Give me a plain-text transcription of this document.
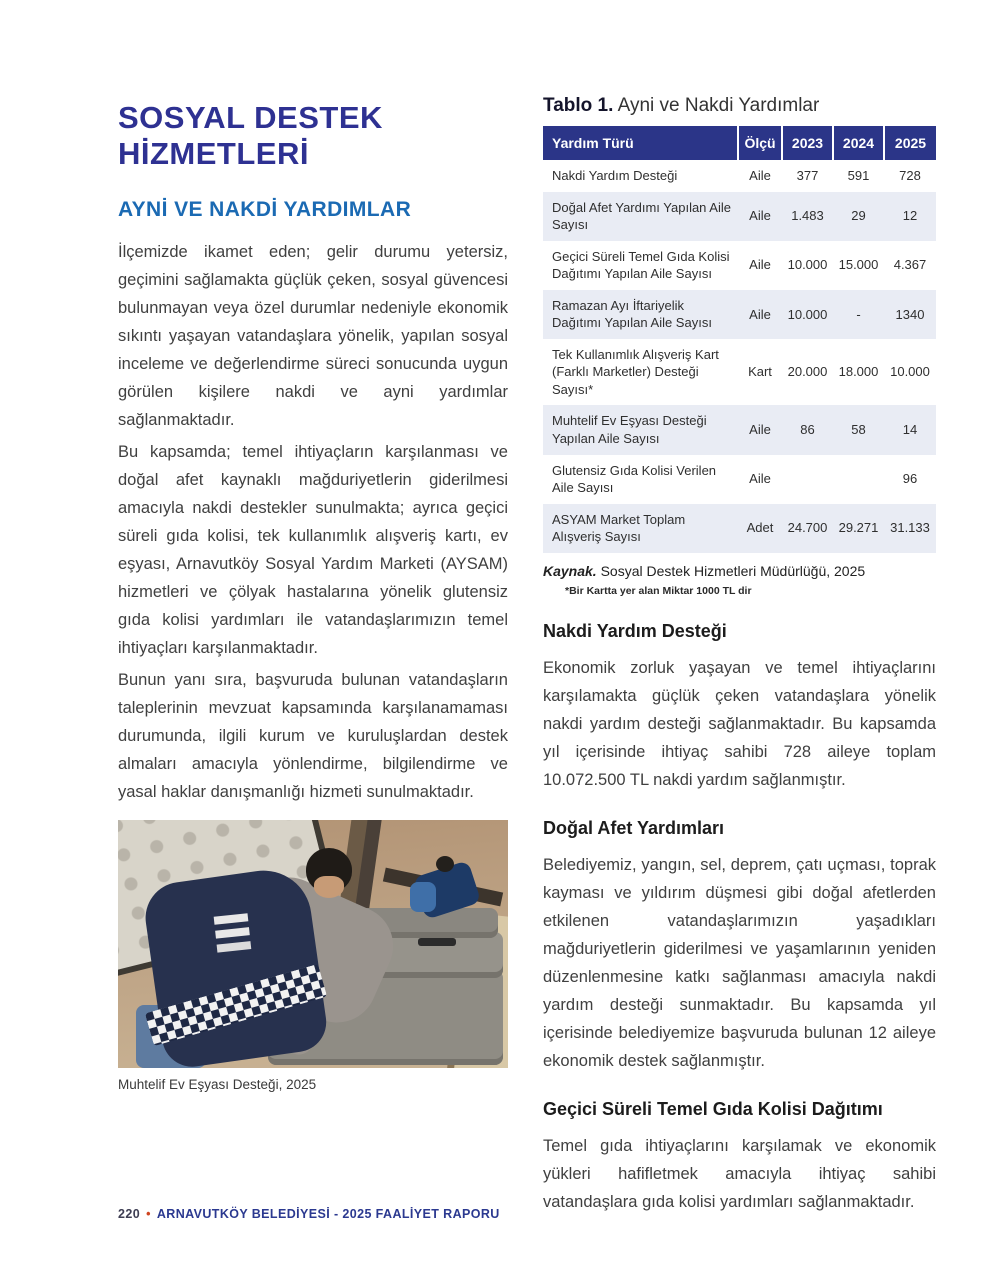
SOSYAL DESTEK HİZMETLERİ
AYNİ VE NAKDİ YARDIMLAR

İlçemizde ikamet eden; gelir durumu yetersiz, geçimini sağlamakta güçlük çeken, sosyal güvencesi bulunmayan veya özel durumlar nedeniyle ekonomik sıkıntı yaşayan vatandaşlara yönelik, yapılan sosyal inceleme ve değerlendirme süreci sonucunda uygun görülen kişilere nakdi ve ayni yardımlar sağlanmaktadır.

Bu kapsamda; temel ihtiyaçların karşılanması ve doğal afet kaynaklı mağduriyetlerin giderilmesi amacıyla nakdi destekler sunulmakta; ayrıca geçici süreli gıda kolisi, tek kullanımlık alışveriş kartı, ev eşyası, Arnavutköy Sosyal Yardım Marketi (AYSAM) hizmetleri ve çölyak hastalarına yönelik glutensiz gıda kolisi yardımları ile vatandaşlarımızın temel ihtiyaçları karşılanmaktadır.

Bunun yanı sıra, başvuruda bulunan vatandaşların taleplerinin mevzuat kapsamında karşılanamaması durumunda, ilgili kurum ve kuruluşlardan destek almaları amacıyla yönlendirme, bilgilendirme ve yasal haklar danışmanlığı hizmeti sunulmaktadır.

Muhtelif Ev Eşyası Desteği, 2025

Tablo 1. Ayni ve Nakdi Yardımlar

Yardım Türü	Ölçü	2023	2024	2025
Nakdi Yardım Desteği	Aile	377	591	728
Doğal Afet Yardımı Yapılan Aile Sayısı	Aile	1.483	29	12
Geçici Süreli Temel Gıda Kolisi Dağıtımı Yapılan Aile Sayısı	Aile	10.000	15.000	4.367
Ramazan Ayı İftariyelik Dağıtımı Yapılan Aile Sayısı	Aile	10.000	-	1340
Tek Kullanımlık Alışveriş Kart (Farklı Marketler) Desteği Sayısı*	Kart	20.000	18.000	10.000
Muhtelif Ev Eşyası Desteği Yapılan Aile Sayısı	Aile	86	58	14
Glutensiz Gıda Kolisi Verilen Aile Sayısı	Aile			96
ASYAM Market Toplam Alışveriş Sayısı	Adet	24.700	29.271	31.133

Kaynak. Sosyal Destek Hizmetleri Müdürlüğü, 2025

*Bir Kartta yer alan Miktar 1000 TL dir

Nakdi Yardım Desteği

Ekonomik zorluk yaşayan ve temel ihtiyaçlarını karşılamakta güçlük çeken vatandaşlara yönelik nakdi yardım desteği sağlanmaktadır. Bu kapsamda yıl içerisinde ihtiyaç sahibi 728 aileye toplam 10.072.500 TL nakdi yardım sağlanmıştır.

Doğal Afet Yardımları

Belediyemiz, yangın, sel, deprem, çatı uçması, toprak kayması ve yıldırım düşmesi gibi doğal afetlerden etkilenen vatandaşlarımızın yaşadıkları mağduriyetlerin giderilmesi ve yaşamlarının yeniden düzenlenmesine katkı sağlanması amacıyla nakdi yardım desteği sunmaktadır. Bu kapsamda yıl içerisinde belediyemize başvuruda bulunan 12 aileye ekonomik destek sağlanmıştır.

Geçici Süreli Temel Gıda Kolisi Dağıtımı

Temel gıda ihtiyaçlarını karşılamak ve ekonomik yükleri hafifletmek amacıyla ihtiyaç sahibi vatandaşlara gıda kolisi yardımları sağlanmaktadır.

220 • ARNAVUTKÖY BELEDİYESİ - 2025 FAALİYET RAPORU
